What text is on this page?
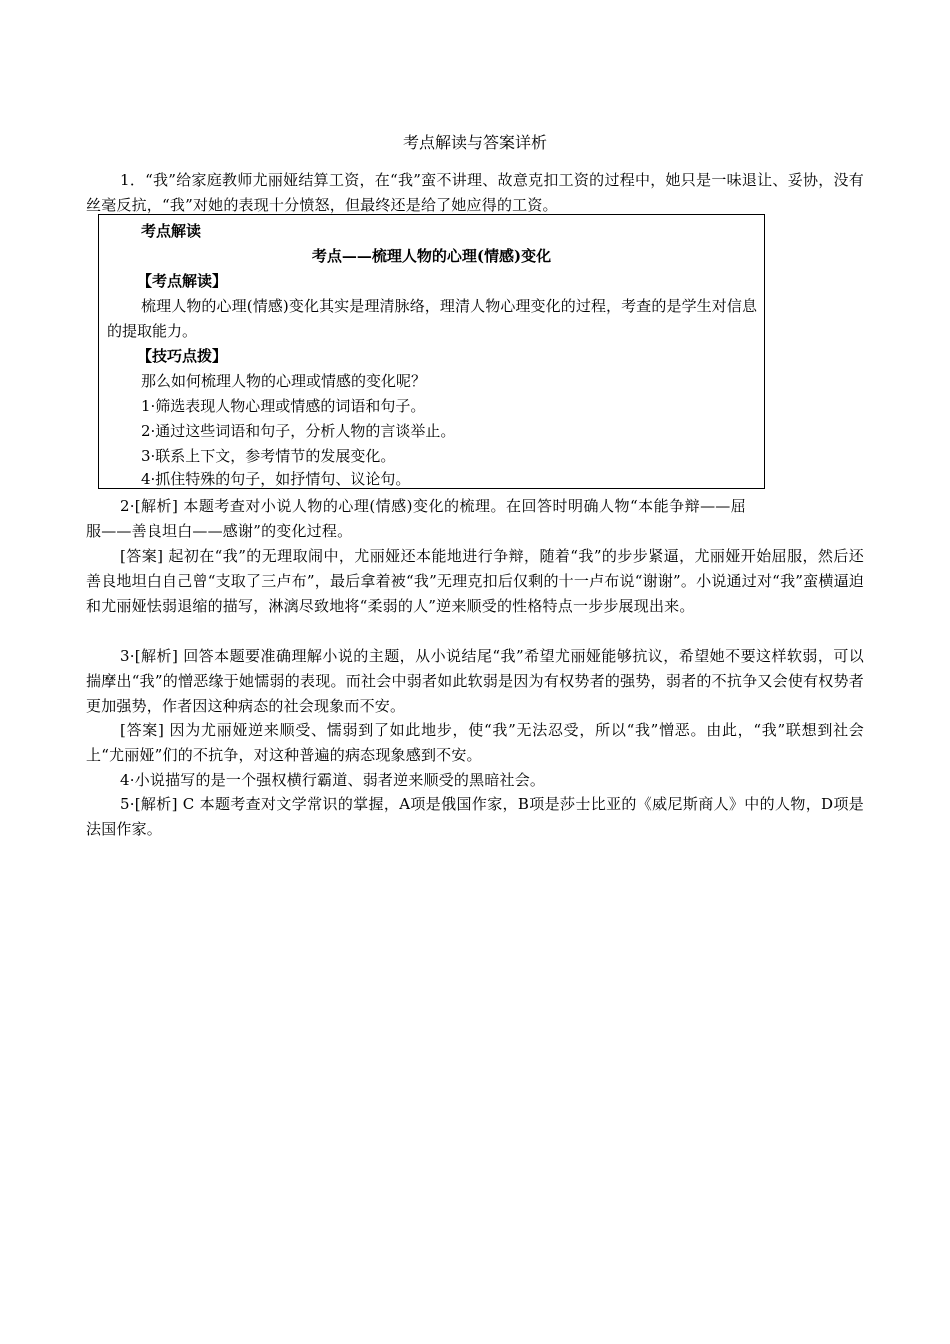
考点解读与答案详析

1．“我”给家庭教师尤丽娅结算工资，在“我”蛮不讲理、故意克扣工资的过程中，她只是一味退让、妥协，没有丝毫反抗，“我”对她的表现十分愤怒，但最终还是给了她应得的工资。

考点解读
考点——梳理人物的心理(情感)变化
【考点解读】
梳理人物的心理(情感)变化其实是理清脉络，理清人物心理变化的过程，考查的是学生对信息的提取能力。
【技巧点拨】
那么如何梳理人物的心理或情感的变化呢？
1·筛选表现人物心理或情感的词语和句子。
2·通过这些词语和句子，分析人物的言谈举止。
3·联系上下文，参考情节的发展变化。
4·抓住特殊的句子，如抒情句、议论句。

2·[解析] 本题考查对小说人物的心理(情感)变化的梳理。在回答时明确人物“本能争辩——屈服——善良坦白——感谢”的变化过程。

[答案] 起初在“我”的无理取闹中，尤丽娅还本能地进行争辩，随着“我”的步步紧逼，尤丽娅开始屈服，然后还善良地坦白自己曾“支取了三卢布”，最后拿着被“我”无理克扣后仅剩的十一卢布说“谢谢”。小说通过对“我”蛮横逼迫和尤丽娅怯弱退缩的描写，淋漓尽致地将“柔弱的人”逆来顺受的性格特点一步步展现出来。

3·[解析] 回答本题要准确理解小说的主题，从小说结尾“我”希望尤丽娅能够抗议，希望她不要这样软弱，可以揣摩出“我”的憎恶缘于她懦弱的表现。而社会中弱者如此软弱是因为有权势者的强势，弱者的不抗争又会使有权势者更加强势，作者因这种病态的社会现象而不安。

[答案] 因为尤丽娅逆来顺受、懦弱到了如此地步，使“我”无法忍受，所以“我”憎恶。由此，“我”联想到社会上“尤丽娅”们的不抗争，对这种普遍的病态现象感到不安。

4·小说描写的是一个强权横行霸道、弱者逆来顺受的黑暗社会。

5·[解析] C 本题考查对文学常识的掌握，A项是俄国作家，B项是莎士比亚的《威尼斯商人》中的人物，D项是法国作家。
